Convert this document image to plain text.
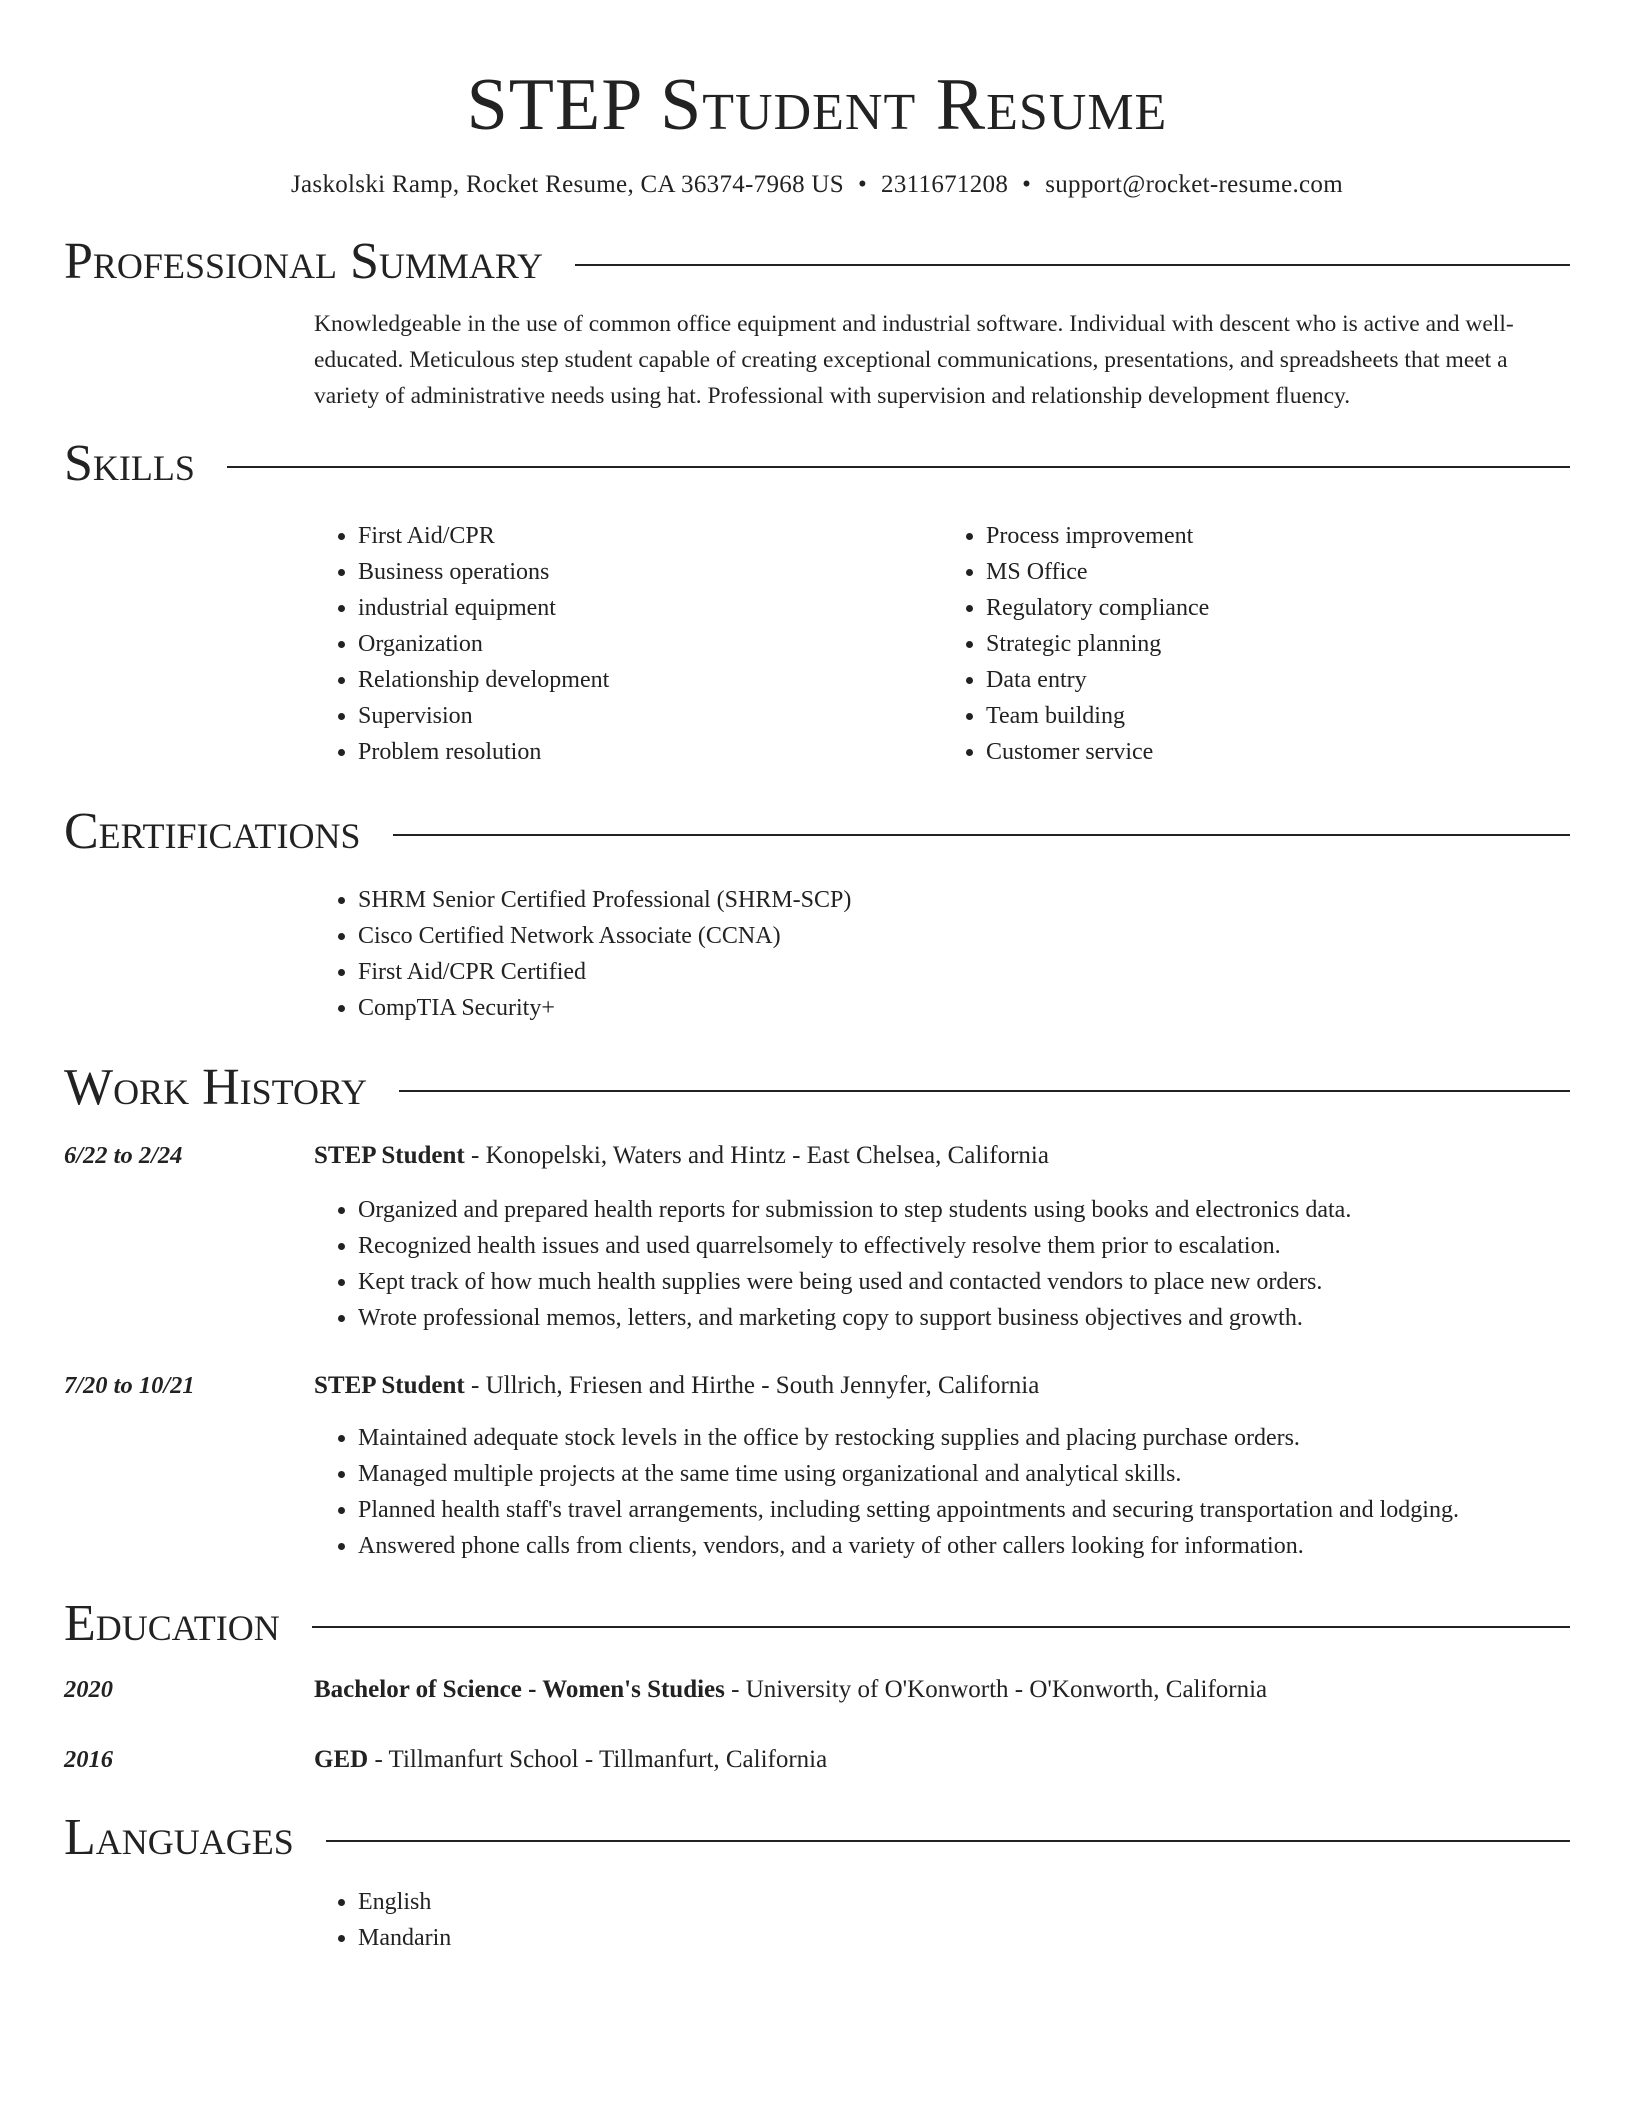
STEP Student Resume
Jaskolski Ramp, Rocket Resume, CA 36374-7968 US • 2311671208 • support@rocket-resume.com
Professional Summary

Knowledgeable in the use of common office equipment and industrial software. Individual with descent who is active and well-educated. Meticulous step student capable of creating exceptional communications, presentations, and spreadsheets that meet a variety of administrative needs using hat. Professional with supervision and relationship development fluency.

Skills
• First Aid/CPR
• Business operations
• industrial equipment
• Organization
• Relationship development
• Supervision
• Problem resolution
• Process improvement
• MS Office
• Regulatory compliance
• Strategic planning
• Data entry
• Team building
• Customer service
Certifications
• SHRM Senior Certified Professional (SHRM-SCP)
• Cisco Certified Network Associate (CCNA)
• First Aid/CPR Certified
• CompTIA Security+
Work History
6/22 to 2/24	STEP Student - Konopelski, Waters and Hintz - East Chelsea, California
• Organized and prepared health reports for submission to step students using books and electronics data.
• Recognized health issues and used quarrelsomely to effectively resolve them prior to escalation.
• Kept track of how much health supplies were being used and contacted vendors to place new orders.
• Wrote professional memos, letters, and marketing copy to support business objectives and growth.
7/20 to 10/21	STEP Student - Ullrich, Friesen and Hirthe - South Jennyfer, California
• Maintained adequate stock levels in the office by restocking supplies and placing purchase orders.
• Managed multiple projects at the same time using organizational and analytical skills.
• Planned health staff's travel arrangements, including setting appointments and securing transportation and lodging.
• Answered phone calls from clients, vendors, and a variety of other callers looking for information.
Education
2020	Bachelor of Science - Women's Studies - University of O'Konworth - O'Konworth, California
2016	GED - Tillmanfurt School - Tillmanfurt, California
Languages
• English
• Mandarin
